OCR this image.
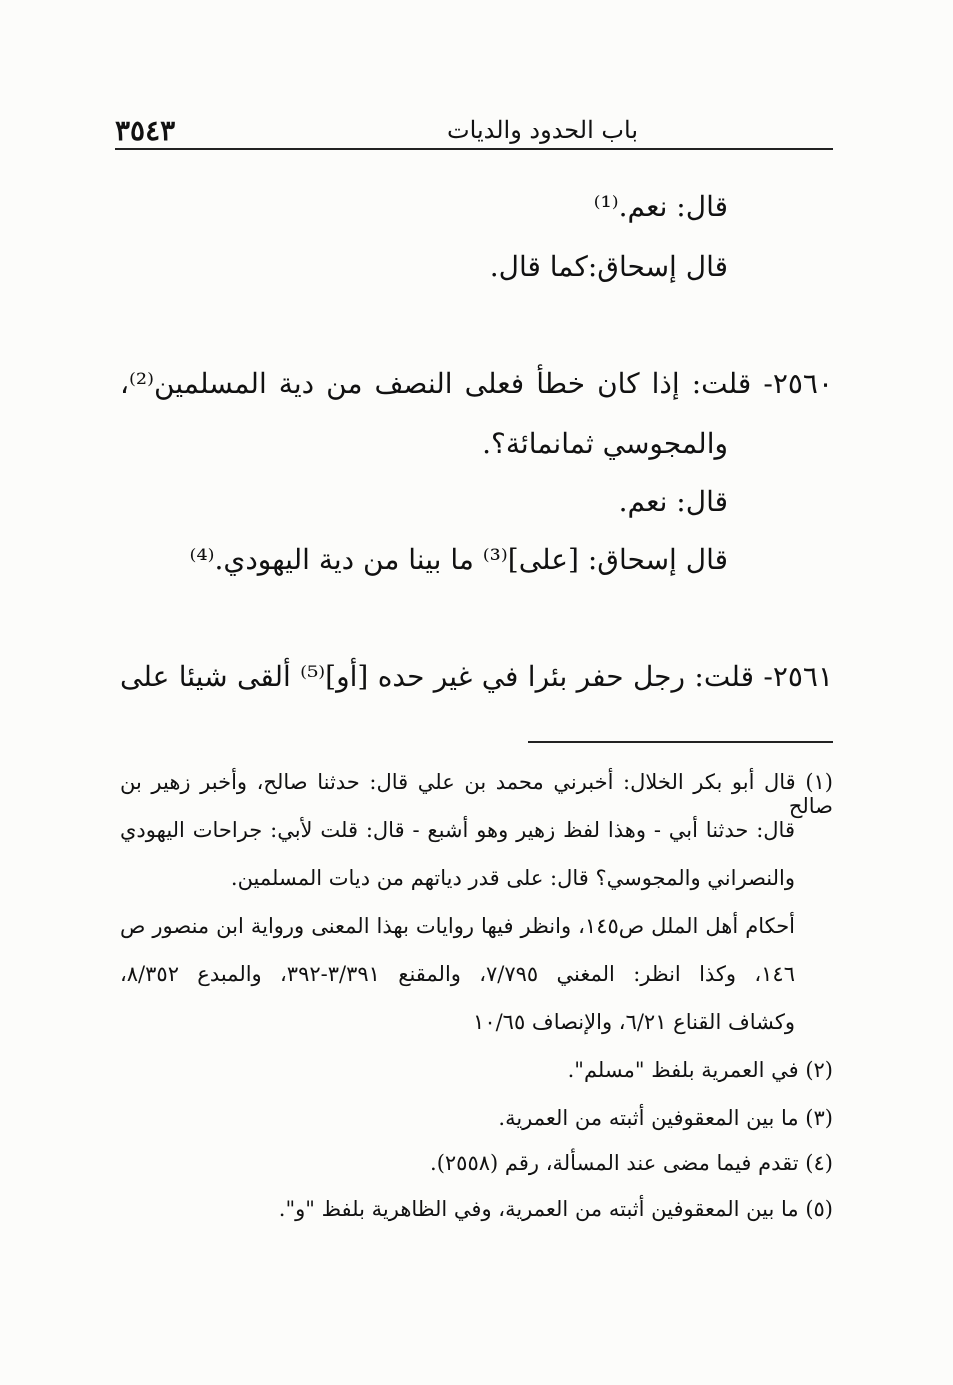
باب الحدود والديات
٣٥٤٣
قال: نعم.⁽¹⁾
قال إسحاق:كما قال.
٢٥٦٠- قلت: إذا كان خطأ فعلى النصف من دية المسلمين⁽²⁾،
والمجوسي ثمانمائة؟.
قال: نعم.
قال إسحاق: [على]⁽³⁾ ما بينا من دية اليهودي.⁽⁴⁾
٢٥٦١- قلت: رجل حفر بئرا في غير حده [أو]⁽⁵⁾ ألقى شيئا على
(١) قال أبو بكر الخلال: أخبرني محمد بن علي قال: حدثنا صالح، وأخبر زهير بن صالح
قال: حدثنا أبي - وهذا لفظ زهير وهو أشبع - قال: قلت لأبي: جراحات اليهودي
والنصراني والمجوسي؟ قال: على قدر دياتهم من ديات المسلمين.
أحكام أهل الملل ص١٤٥، وانظر فيها روايات بهذا المعنى ورواية ابن منصور ص
١٤٦، وكذا انظر: المغني ٧/٧٩٥، والمقنع ٣/٣٩١-٣٩٢، والمبدع ٨/٣٥٢،
وكشاف القناع ٦/٢١، والإنصاف ١٠/٦٥
(٢) في العمرية بلفظ "مسلم".
(٣) ما بين المعقوفين أثبته من العمرية.
(٤) تقدم فيما مضى عند المسألة، رقم (٢٥٥٨).
(٥) ما بين المعقوفين أثبته من العمرية، وفي الظاهرية بلفظ "و".
